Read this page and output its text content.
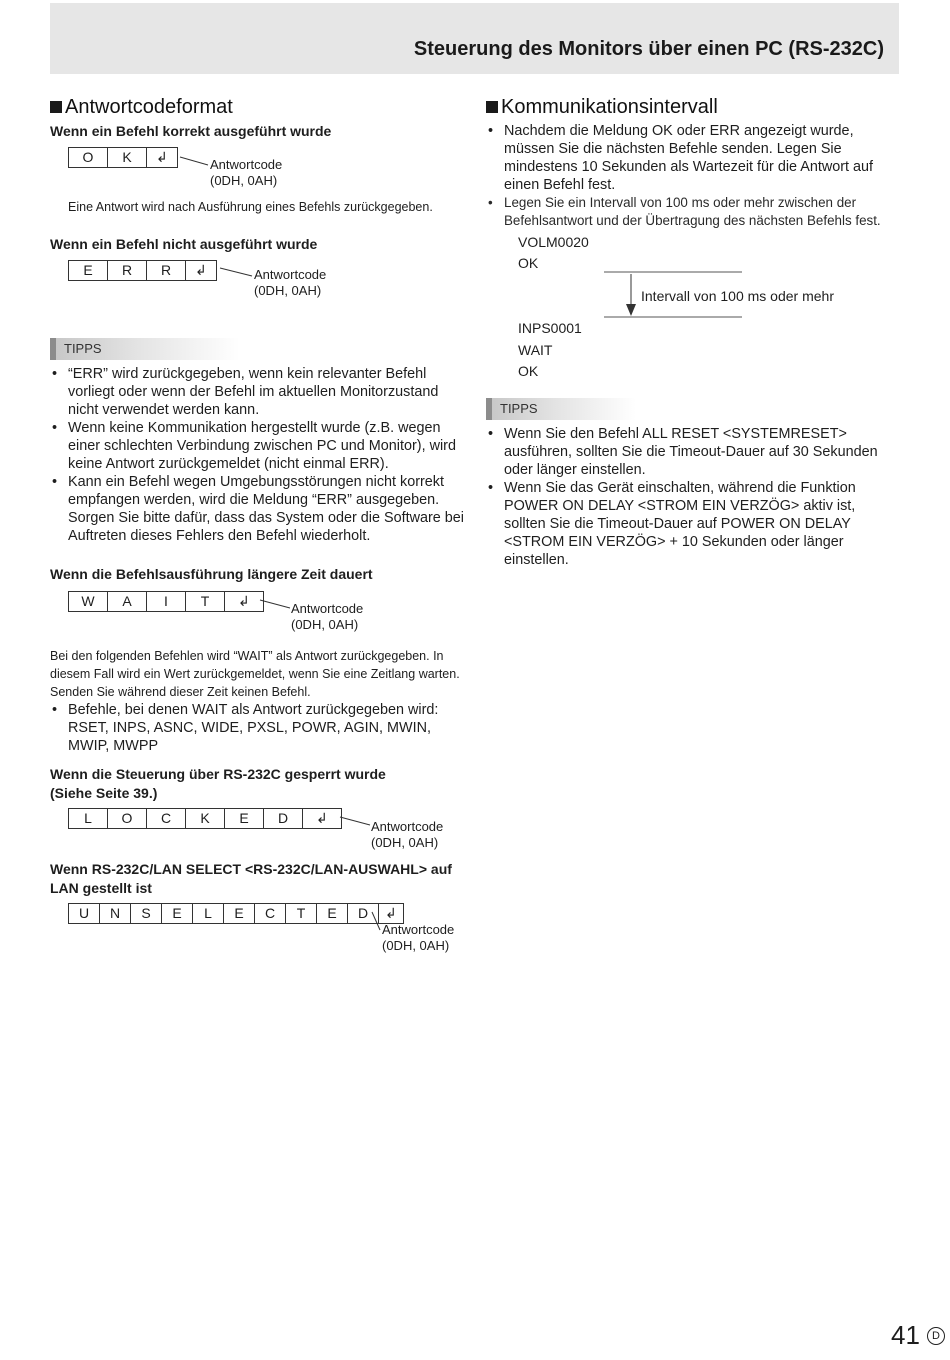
Steuerung des Monitors über einen PC (RS-232C)
Antwortcodeformat
Wenn ein Befehl korrekt ausgeführt wurde
O	K	↲	Antwortcode
(0DH, 0AH)
Eine Antwort wird nach Ausführung eines Befehls zurückgegeben.
Wenn ein Befehl nicht ausgeführt wurde
E	R	R	↲	Antwortcode
(0DH, 0AH)
TIPPS
• “ERR” wird zurückgegeben, wenn kein relevanter Befehl vorliegt oder wenn der Befehl im aktuellen Monitorzustand nicht verwendet werden kann.
• Wenn keine Kommunikation hergestellt wurde (z.B. wegen einer schlechten Verbindung zwischen PC und Monitor), wird keine Antwort zurückgemeldet (nicht einmal ERR).
• Kann ein Befehl wegen Umgebungsstörungen nicht korrekt empfangen werden, wird die Meldung “ERR” ausgegeben. Sorgen Sie bitte dafür, dass das System oder die Software bei Auftreten dieses Fehlers den Befehl wiederholt.
Wenn die Befehlsausführung längere Zeit dauert
W	A	I	T	↲	Antwortcode
(0DH, 0AH)
Bei den folgenden Befehlen wird “WAIT” als Antwort zurückgegeben. In diesem Fall wird ein Wert zurückgemeldet, wenn Sie eine Zeitlang warten. Senden Sie während dieser Zeit keinen Befehl.
• Befehle, bei denen WAIT als Antwort zurückgegeben wird: RSET, INPS, ASNC, WIDE, PXSL, POWR, AGIN, MWIN, MWIP, MWPP
Wenn die Steuerung über RS-232C gesperrt wurde
(Siehe Seite 39.)
L	O	C	K	E	D	↲
Antwortcode
(0DH, 0AH)
Wenn RS-232C/LAN SELECT <RS-232C/LAN-AUSWAHL> auf
LAN gestellt ist
U	N	S	E	L	E	C	T	E	D	↲
Antwortcode
(0DH, 0AH)
Kommunikationsintervall
• Nachdem die Meldung OK oder ERR angezeigt wurde, müssen Sie die nächsten Befehle senden. Legen Sie mindestens 10 Sekunden als Wartezeit für die Antwort auf einen Befehl fest.
• Legen Sie ein Intervall von 100 ms oder mehr zwischen der Befehlsantwort und der Übertragung des nächsten Befehls fest.
VOLM0020
OK
Intervall von 100 ms oder mehr
INPS0001
WAIT
OK
TIPPS
• Wenn Sie den Befehl ALL RESET <SYSTEMRESET> ausführen, sollten Sie die Timeout-Dauer auf 30 Sekunden oder länger einstellen.
• Wenn Sie das Gerät einschalten, während die Funktion POWER ON DELAY <STROM EIN VERZÖG> aktiv ist, sollten Sie die Timeout-Dauer auf POWER ON DELAY <STROM EIN VERZÖG> + 10 Sekunden oder länger einstellen.
41	D
